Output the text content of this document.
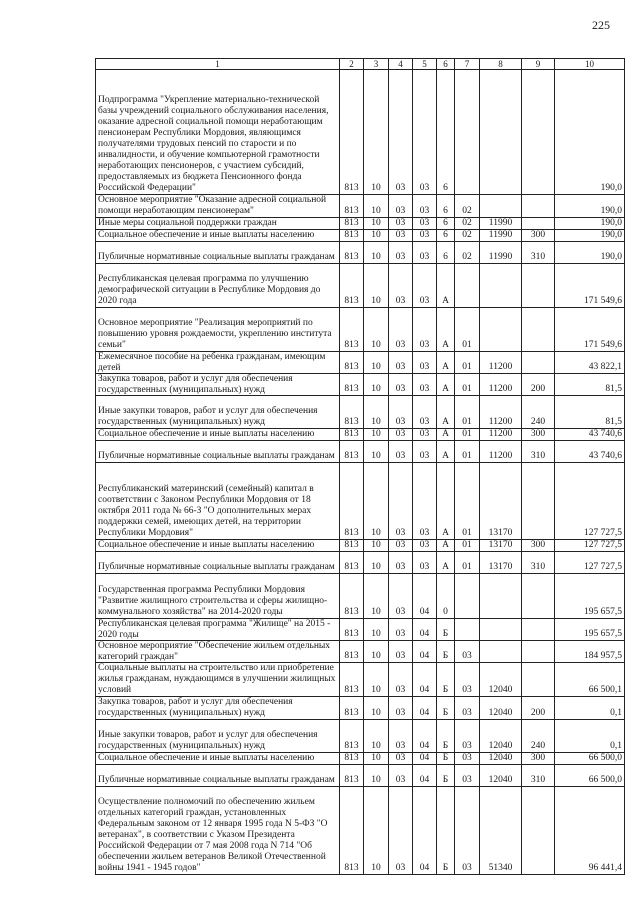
225
1	2	3	4	5	6	7	8	9	10

Подпрограмма "Укрепление материально-технической базы учреждений социального обслуживания населения, оказание адресной социальной помощи неработающим пенсионерам Республики Мордовия, являющимся получателями трудовых пенсий по старости и по инвалидности, и обучение компьютерной грамотности неработающих пенсионеров, с участием субсидий, предоставляемых из бюджета Пенсионного фонда Российской Федерации"	813	10	03	03	6				190,0

Основное мероприятие "Оказание адресной социальной помощи неработающим пенсионерам"	813	10	03	03	6	02			190,0

Иные меры социальной поддержки граждан	813	10	03	03	6	02	11990		190,0

Социальное обеспечение и иные выплаты населению	813	10	03	03	6	02	11990	300	190,0

Публичные нормативные социальные выплаты гражданам	813	10	03	03	6	02	11990	310	190,0

Республиканская целевая программа по улучшению демографической ситуации в Республике Мордовия до 2020 года	813	10	03	03	А				171 549,6

Основное мероприятие "Реализация мероприятий по повышению уровня рождаемости, укреплению института семьи"	813	10	03	03	А	01			171 549,6

Ежемесячное пособие на ребенка гражданам, имеющим детей	813	10	03	03	А	01	11200		43 822,1

Закупка товаров, работ и услуг для обеспечения государственных (муниципальных) нужд	813	10	03	03	А	01	11200	200	81,5

Иные закупки товаров, работ и услуг для обеспечения государственных (муниципальных) нужд	813	10	03	03	А	01	11200	240	81,5

Социальное обеспечение и иные выплаты населению	813	10	03	03	А	01	11200	300	43 740,6

Публичные нормативные социальные выплаты гражданам	813	10	03	03	А	01	11200	310	43 740,6

Республиканский материнский (семейный) капитал в соответствии с Законом Республики Мордовия от 18 октября 2011 года № 66-З "О дополнительных мерах поддержки семей, имеющих детей, на территории Республики Мордовия"	813	10	03	03	А	01	13170		127 727,5

Социальное обеспечение и иные выплаты населению	813	10	03	03	А	01	13170	300	127 727,5

Публичные нормативные социальные выплаты гражданам	813	10	03	03	А	01	13170	310	127 727,5

Государственная программа Республики Мордовия "Развитие жилищного строительства и сферы жилищно-коммунального хозяйства" на 2014-2020 годы	813	10	03	04	0				195 657,5

Республиканская целевая программа "Жилище" на 2015 - 2020 годы	813	10	03	04	Б				195 657,5

Основное мероприятие "Обеспечение жильем отдельных категорий граждан"	813	10	03	04	Б	03			184 957,5

Социальные выплаты на строительство или приобретение жилья гражданам, нуждающимся в улучшении жилищных условий	813	10	03	04	Б	03	12040		66 500,1

Закупка товаров, работ и услуг для обеспечения государственных (муниципальных) нужд	813	10	03	04	Б	03	12040	200	0,1

Иные закупки товаров, работ и услуг для обеспечения государственных (муниципальных) нужд	813	10	03	04	Б	03	12040	240	0,1

Социальное обеспечение и иные выплаты населению	813	10	03	04	Б	03	12040	300	66 500,0

Публичные нормативные социальные выплаты гражданам	813	10	03	04	Б	03	12040	310	66 500,0

Осуществление полномочий по обеспечению жильем отдельных категорий граждан, установленных Федеральным законом от 12 января 1995 года N 5-ФЗ "О ветеранах", в соответствии с Указом Президента Российской Федерации от 7 мая 2008 года N 714 "Об обеспечении жильем ветеранов Великой Отечественной войны 1941 - 1945 годов"	813	10	03	04	Б	03	51340		96 441,4
